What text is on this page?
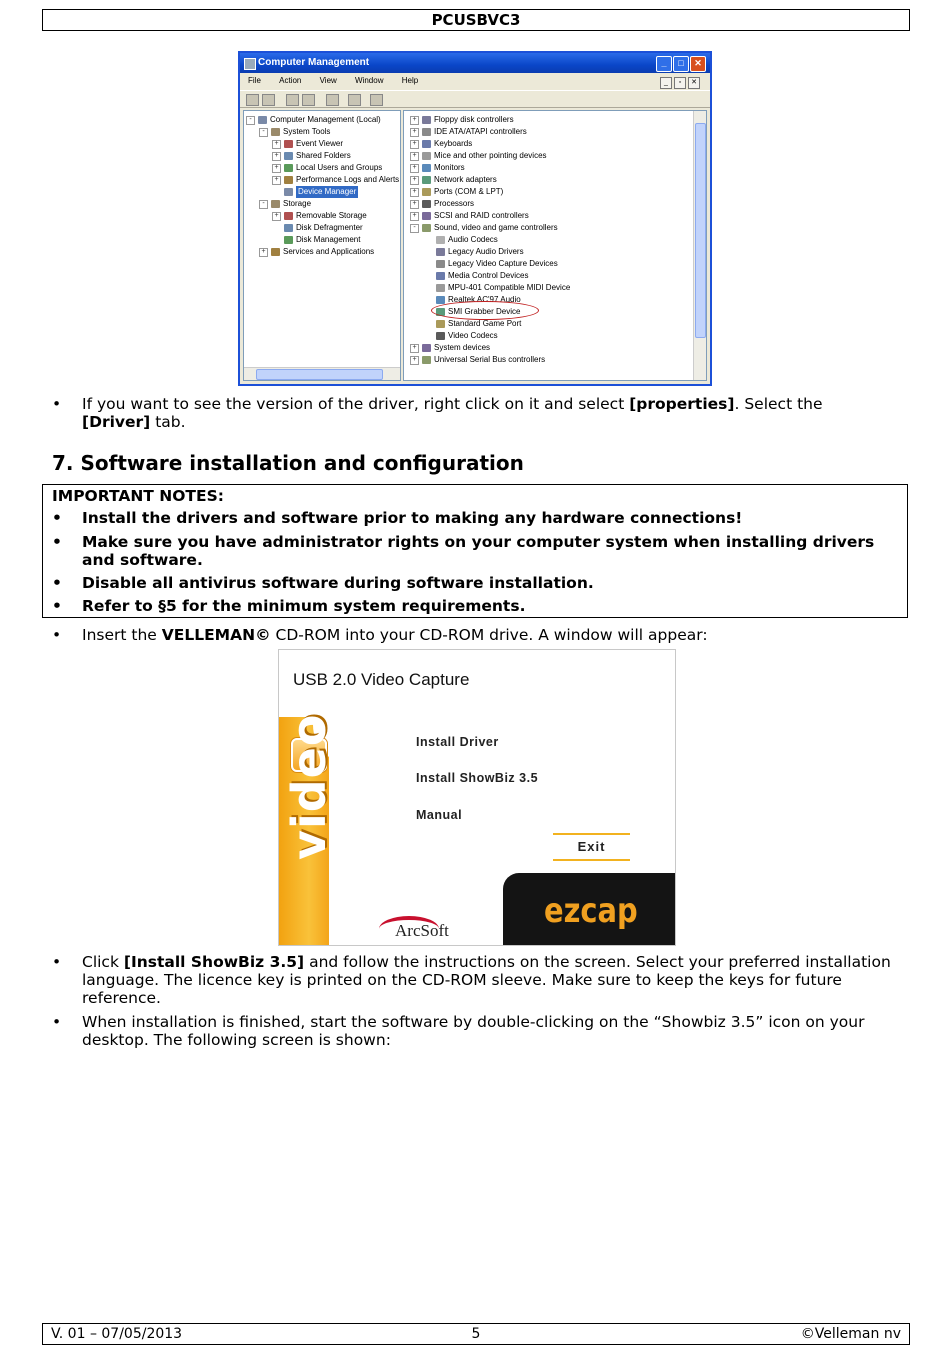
PCUSBVC3
Computer Management	_	□	✕
File Action View Window Help	_ ▫ ✕
-	Computer Management (Local)
-	System Tools
+	Event Viewer
+	Shared Folders
+	Local Users and Groups
+	Performance Logs and Alerts
Device Manager
-	Storage
+	Removable Storage
Disk Defragmenter
Disk Management
+	Services and Applications
+	Floppy disk controllers
+	IDE ATA/ATAPI controllers
+	Keyboards
+	Mice and other pointing devices
+	Monitors
+	Network adapters
+	Ports (COM & LPT)
+	Processors
+	SCSI and RAID controllers
-	Sound, video and game controllers
Audio Codecs
Legacy Audio Drivers
Legacy Video Capture Devices
Media Control Devices
MPU-401 Compatible MIDI Device
Realtek AC'97 Audio
SMI Grabber Device
Standard Game Port
Video Codecs
+	System devices
+	Universal Serial Bus controllers
• If you want to see the version of the driver, right click on it and select [properties]. Select the [Driver] tab.
7. Software installation and configuration
IMPORTANT NOTES:
• Install the drivers and software prior to making any hardware connections!
• Make sure you have administrator rights on your computer system when installing drivers and software.
• Disable all antivirus software during software installation.
• Refer to §5 for the minimum system requirements.
• Insert the VELLEMAN© CD-ROM into your CD-ROM drive. A window will appear:
USB 2.0 Video Capture
video	Install Driver
Install ShowBiz 3.5
Manual
Exit
ezcap
ArcSoft
• Click [Install ShowBiz 3.5] and follow the instructions on the screen. Select your preferred installation language. The licence key is printed on the CD-ROM sleeve. Make sure to keep the keys for future reference.
• When installation is finished, start the software by double-clicking on the “Showbiz 3.5” icon on your desktop. The following screen is shown:
V. 01 – 07/05/2013	5	©Velleman nv
